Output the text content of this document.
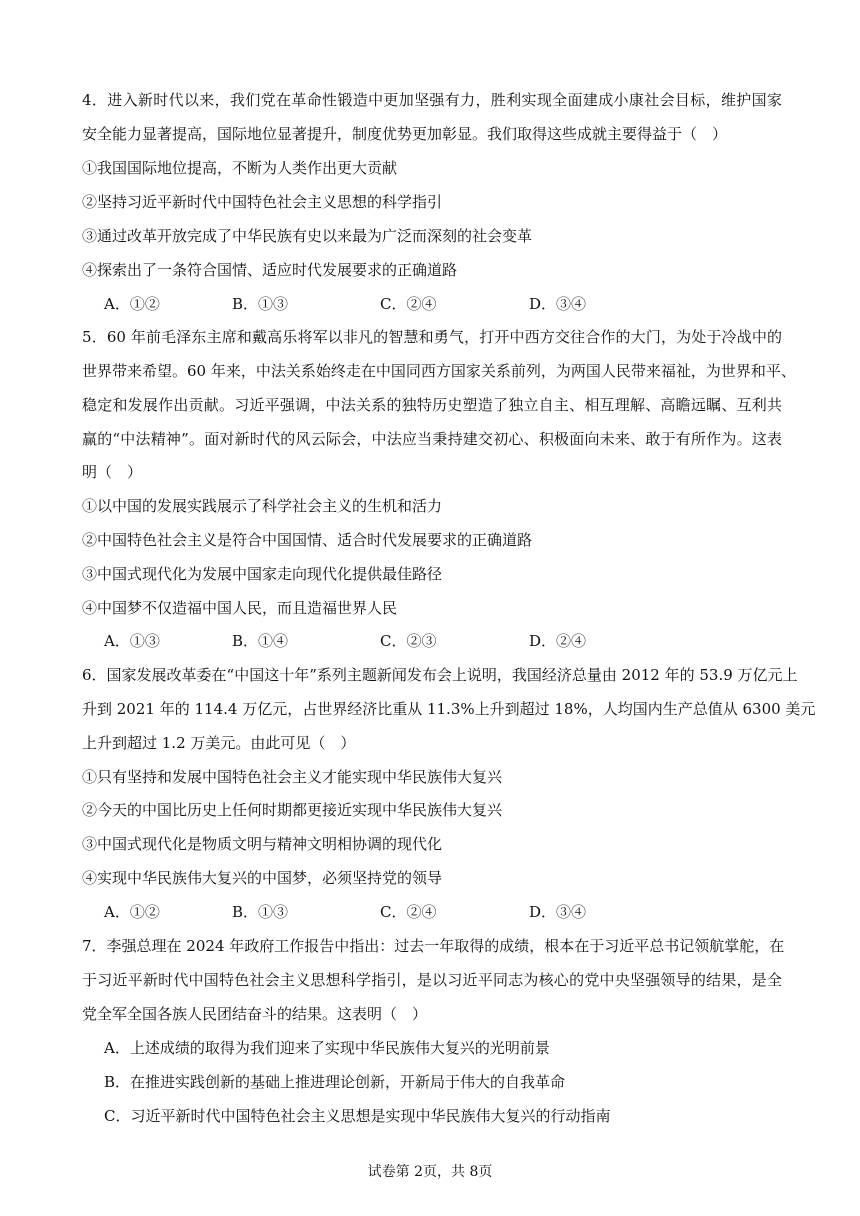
4．进入新时代以来，我们党在革命性锻造中更加坚强有力，胜利实现全面建成小康社会目标，维护国家
安全能力显著提高，国际地位显著提升，制度优势更加彰显。我们取得这些成就主要得益于（　）
①我国国际地位提高，不断为人类作出更大贡献
②坚持习近平新时代中国特色社会主义思想的科学指引
③通过改革开放完成了中华民族有史以来最为广泛而深刻的社会变革
④探索出了一条符合国情、适应时代发展要求的正确道路
A．①②	B．①③	C．②④	D．③④
5．60 年前毛泽东主席和戴高乐将军以非凡的智慧和勇气，打开中西方交往合作的大门，为处于冷战中的
世界带来希望。60 年来，中法关系始终走在中国同西方国家关系前列，为两国人民带来福祉，为世界和平、
稳定和发展作出贡献。习近平强调，中法关系的独特历史塑造了独立自主、相互理解、高瞻远瞩、互利共
赢的“中法精神”。面对新时代的风云际会，中法应当秉持建交初心、积极面向未来、敢于有所作为。这表
明（　）
①以中国的发展实践展示了科学社会主义的生机和活力
②中国特色社会主义是符合中国国情、适合时代发展要求的正确道路
③中国式现代化为发展中国家走向现代化提供最佳路径
④中国梦不仅造福中国人民，而且造福世界人民
A．①③	B．①④	C．②③	D．②④
6．国家发展改革委在“中国这十年”系列主题新闻发布会上说明，我国经济总量由 2012 年的 53.9 万亿元上
升到 2021 年的 114.4 万亿元，占世界经济比重从 11.3%上升到超过 18%，人均国内生产总值从 6300 美元
上升到超过 1.2 万美元。由此可见（　）
①只有坚持和发展中国特色社会主义才能实现中华民族伟大复兴
②今天的中国比历史上任何时期都更接近实现中华民族伟大复兴
③中国式现代化是物质文明与精神文明相协调的现代化
④实现中华民族伟大复兴的中国梦，必须坚持党的领导
A．①②	B．①③	C．②④	D．③④
7．李强总理在 2024 年政府工作报告中指出：过去一年取得的成绩，根本在于习近平总书记领航掌舵，在
于习近平新时代中国特色社会主义思想科学指引，是以习近平同志为核心的党中央坚强领导的结果，是全
党全军全国各族人民团结奋斗的结果。这表明（　）
A．上述成绩的取得为我们迎来了实现中华民族伟大复兴的光明前景
B．在推进实践创新的基础上推进理论创新，开新局于伟大的自我革命
C．习近平新时代中国特色社会主义思想是实现中华民族伟大复兴的行动指南
试卷第 2页，共 8页
